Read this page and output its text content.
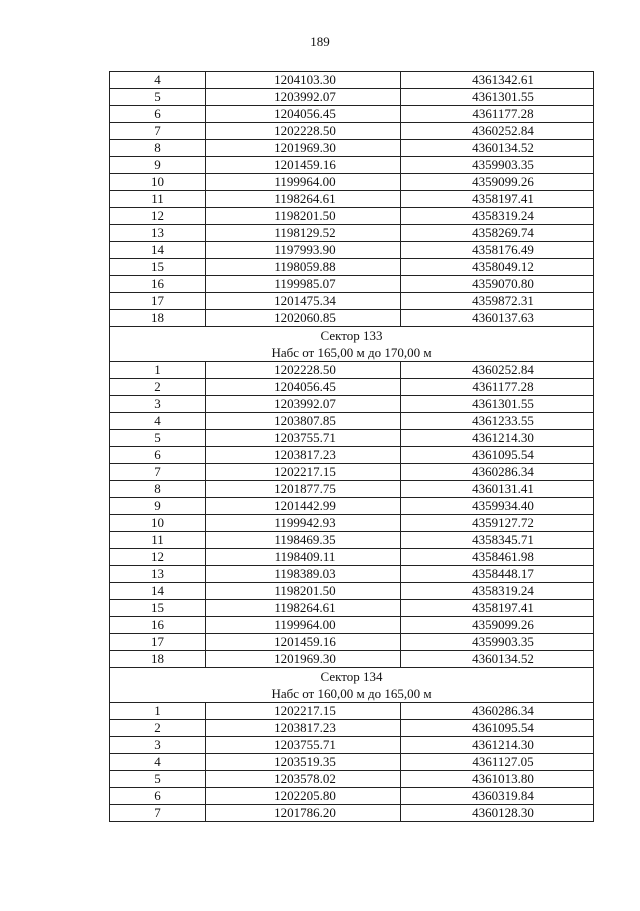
189
4	1204103.30	4361342.61
5	1203992.07	4361301.55
6	1204056.45	4361177.28
7	1202228.50	4360252.84
8	1201969.30	4360134.52
9	1201459.16	4359903.35
10	1199964.00	4359099.26
11	1198264.61	4358197.41
12	1198201.50	4358319.24
13	1198129.52	4358269.74
14	1197993.90	4358176.49
15	1198059.88	4358049.12
16	1199985.07	4359070.80
17	1201475.34	4359872.31
18	1202060.85	4360137.63

Сектор 133
Набс от 165,00 м до 170,00 м		

1	1202228.50	4360252.84
2	1204056.45	4361177.28
3	1203992.07	4361301.55
4	1203807.85	4361233.55
5	1203755.71	4361214.30
6	1203817.23	4361095.54
7	1202217.15	4360286.34
8	1201877.75	4360131.41
9	1201442.99	4359934.40
10	1199942.93	4359127.72
11	1198469.35	4358345.71
12	1198409.11	4358461.98
13	1198389.03	4358448.17
14	1198201.50	4358319.24
15	1198264.61	4358197.41
16	1199964.00	4359099.26
17	1201459.16	4359903.35
18	1201969.30	4360134.52

Сектор 134
Набс от 160,00 м до 165,00 м		

1	1202217.15	4360286.34
2	1203817.23	4361095.54
3	1203755.71	4361214.30
4	1203519.35	4361127.05
5	1203578.02	4361013.80
6	1202205.80	4360319.84
7	1201786.20	4360128.30
